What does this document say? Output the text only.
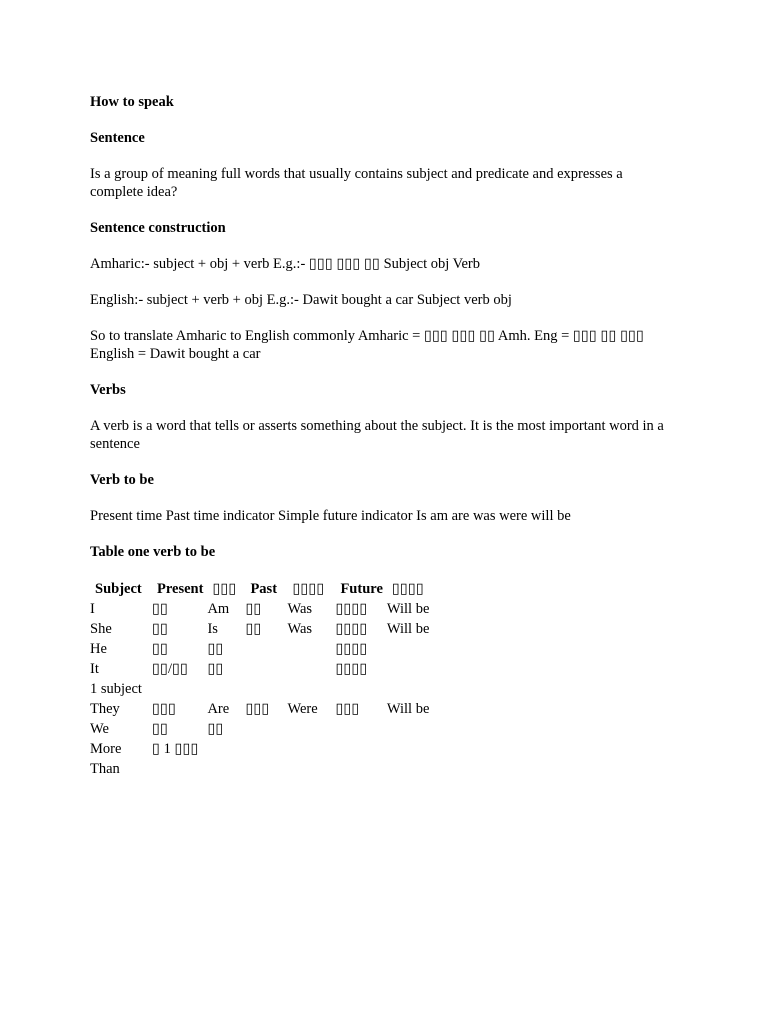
How to speak

Sentence

Is a group of meaning full words that usually contains subject and predicate and expresses a complete idea?

Sentence construction

Amharic:- subject + obj + verb E.g.:- ▯▯▯ ▯▯▯ ▯▯ Subject obj Verb

English:- subject + verb + obj E.g.:- Dawit bought a car Subject verb obj

So to translate Amharic to English commonly Amharic = ▯▯▯ ▯▯▯ ▯▯ Amh. Eng = ▯▯▯ ▯▯ ▯▯▯ English = Dawit bought a car

Verbs

A verb is a word that tells or asserts something about the subject. It is the most important word in a sentence

Verb to be

Present time Past time indicator Simple future indicator Is am are was were will be

Table one verb to be

Subject	Present	▯▯▯	Past	▯▯▯▯	Future	▯▯▯▯
I	▯▯	Am	▯▯	Was	▯▯▯▯	Will be
She	▯▯	Is	▯▯	Was	▯▯▯▯	Will be
He	▯▯	▯▯			▯▯▯▯	
It	▯▯/▯▯	▯▯			▯▯▯▯	
1 subject						
They	▯▯▯	Are	▯▯▯	Were	▯▯▯	Will be
We	▯▯	▯▯				
More	▯ 1 ▯▯▯					
Than						
